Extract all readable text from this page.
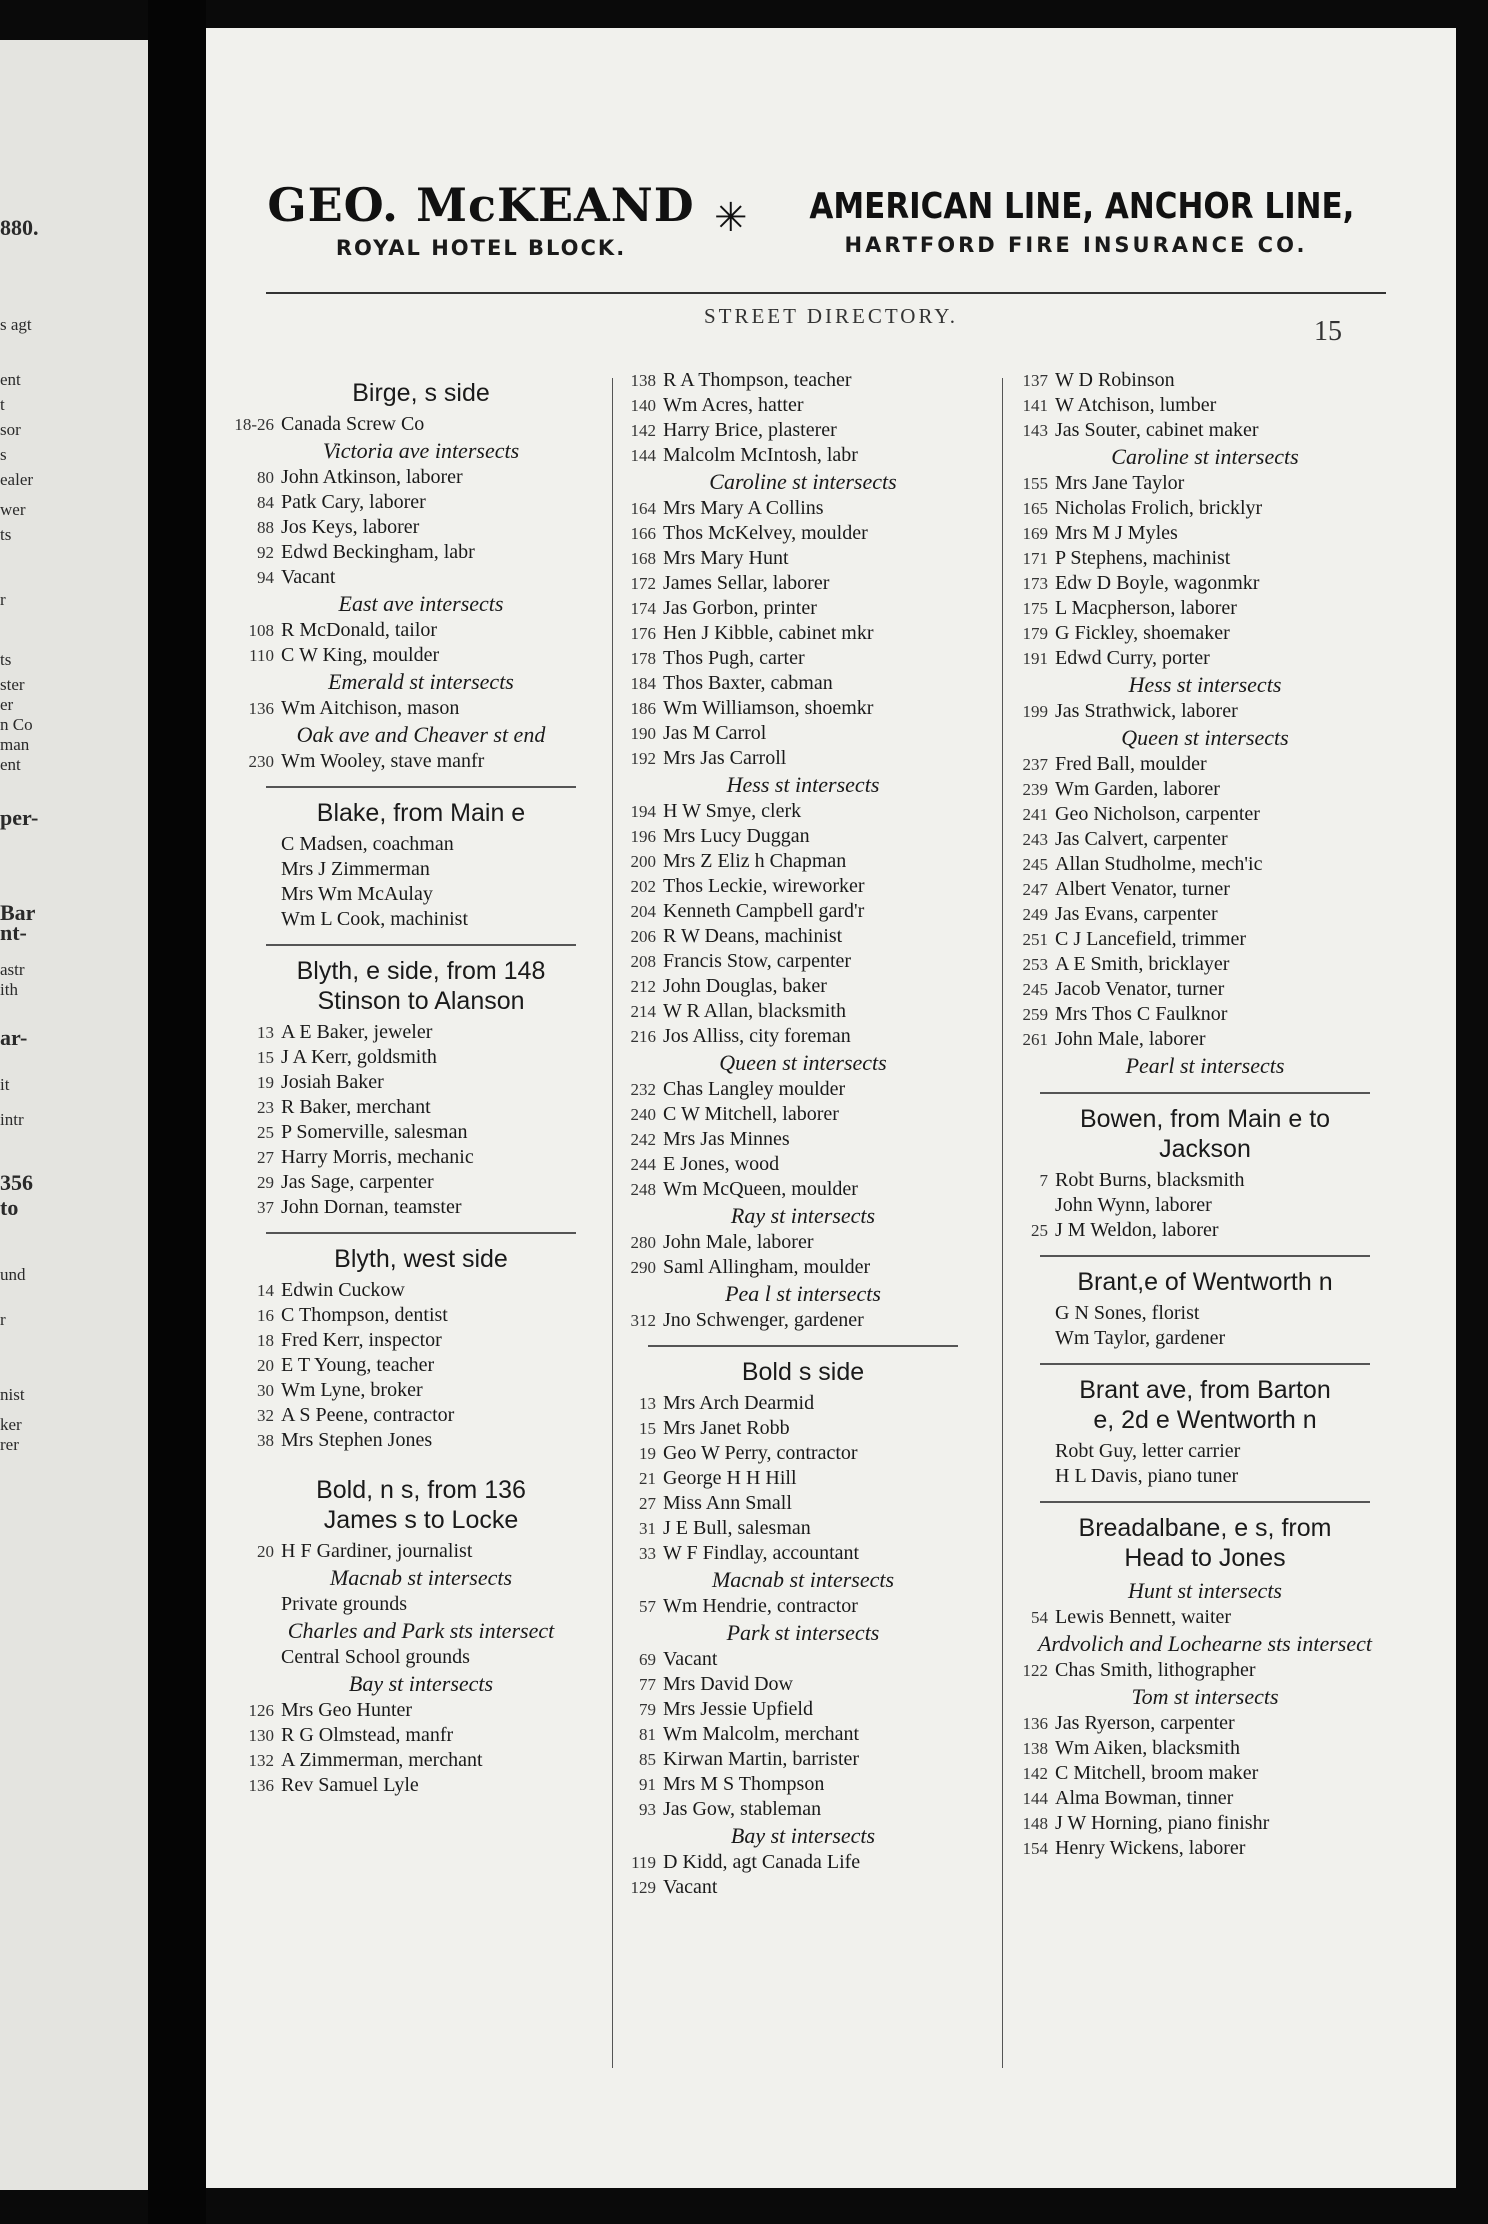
880.
s agt
ent
t
sor
s
ealer
wer
ts
r
ts
ster
er
n Co
man
ent
per-
Bar
nt-
astr
ith
ar-
it
intr
356
to
und
r
nist
ker
rer
GEO. McKEAND
ROYAL HOTEL BLOCK.
✳ AMERICAN LINE, ANCHOR LINE,
HARTFORD FIRE INSURANCE CO.
STREET DIRECTORY.	15
Birge, s side
18-26 Canada Screw Co
Victoria ave intersects
80 John Atkinson, laborer
84 Patk Cary, laborer
88 Jos Keys, laborer
92 Edwd Beckingham, labr
94 Vacant
East ave intersects
108 R McDonald, tailor
110 C W King, moulder
Emerald st intersects
136 Wm Aitchison, mason
Oak ave and Cheaver st end
230 Wm Wooley, stave manfr
Blake, from Main e
C Madsen, coachman
Mrs J Zimmerman
Mrs Wm McAulay
Wm L Cook, machinist
Blyth, e side, from 148
Stinson to Alanson
13 A E Baker, jeweler
15 J A Kerr, goldsmith
19 Josiah Baker
23 R Baker, merchant
25 P Somerville, salesman
27 Harry Morris, mechanic
29 Jas Sage, carpenter
37 John Dornan, teamster
Blyth, west side
14 Edwin Cuckow
16 C Thompson, dentist
18 Fred Kerr, inspector
20 E T Young, teacher
30 Wm Lyne, broker
32 A S Peene, contractor
38 Mrs Stephen Jones
Bold, n s, from 136
James s to Locke
20 H F Gardiner, journalist
Macnab st intersects
Private grounds
Charles and Park sts intersect
Central School grounds
Bay st intersects
126 Mrs Geo Hunter
130 R G Olmstead, manfr
132 A Zimmerman, merchant
136 Rev Samuel Lyle
138 R A Thompson, teacher
140 Wm Acres, hatter
142 Harry Brice, plasterer
144 Malcolm McIntosh, labr
Caroline st intersects
164 Mrs Mary A Collins
166 Thos McKelvey, moulder
168 Mrs Mary Hunt
172 James Sellar, laborer
174 Jas Gorbon, printer
176 Hen J Kibble, cabinet mkr
178 Thos Pugh, carter
184 Thos Baxter, cabman
186 Wm Williamson, shoemkr
190 Jas M Carrol
192 Mrs Jas Carroll
Hess st intersects
194 H W Smye, clerk
196 Mrs Lucy Duggan
200 Mrs Z Eliz h Chapman
202 Thos Leckie, wireworker
204 Kenneth Campbell gard'r
206 R W Deans, machinist
208 Francis Stow, carpenter
212 John Douglas, baker
214 W R Allan, blacksmith
216 Jos Alliss, city foreman
Queen st intersects
232 Chas Langley moulder
240 C W Mitchell, laborer
242 Mrs Jas Minnes
244 E Jones, wood
248 Wm McQueen, moulder
Ray st intersects
280 John Male, laborer
290 Saml Allingham, moulder
Pea l st intersects
312 Jno Schwenger, gardener
Bold s side
13 Mrs Arch Dearmid
15 Mrs Janet Robb
19 Geo W Perry, contractor
21 George H H Hill
27 Miss Ann Small
31 J E Bull, salesman
33 W F Findlay, accountant
Macnab st intersects
57 Wm Hendrie, contractor
Park st intersects
69 Vacant
77 Mrs David Dow
79 Mrs Jessie Upfield
81 Wm Malcolm, merchant
85 Kirwan Martin, barrister
91 Mrs M S Thompson
93 Jas Gow, stableman
Bay st intersects
119 D Kidd, agt Canada Life
129 Vacant
137 W D Robinson
141 W Atchison, lumber
143 Jas Souter, cabinet maker
Caroline st intersects
155 Mrs Jane Taylor
165 Nicholas Frolich, bricklyr
169 Mrs M J Myles
171 P Stephens, machinist
173 Edw D Boyle, wagonmkr
175 L Macpherson, laborer
179 G Fickley, shoemaker
191 Edwd Curry, porter
Hess st intersects
199 Jas Strathwick, laborer
Queen st intersects
237 Fred Ball, moulder
239 Wm Garden, laborer
241 Geo Nicholson, carpenter
243 Jas Calvert, carpenter
245 Allan Studholme, mech'ic
247 Albert Venator, turner
249 Jas Evans, carpenter
251 C J Lancefield, trimmer
253 A E Smith, bricklayer
245 Jacob Venator, turner
259 Mrs Thos C Faulknor
261 John Male, laborer
Pearl st intersects
Bowen, from Main e to
Jackson
7 Robt Burns, blacksmith
John Wynn, laborer
25 J M Weldon, laborer
Brant,e of Wentworth n
G N Sones, florist
Wm Taylor, gardener
Brant ave, from Barton
e, 2d e Wentworth n
Robt Guy, letter carrier
H L Davis, piano tuner
Breadalbane, e s, from
Head to Jones
Hunt st intersects
54 Lewis Bennett, waiter
Ardvolich and Lochearne sts intersect
122 Chas Smith, lithographer
Tom st intersects
136 Jas Ryerson, carpenter
138 Wm Aiken, blacksmith
142 C Mitchell, broom maker
144 Alma Bowman, tinner
148 J W Horning, piano finishr
154 Henry Wickens, laborer
